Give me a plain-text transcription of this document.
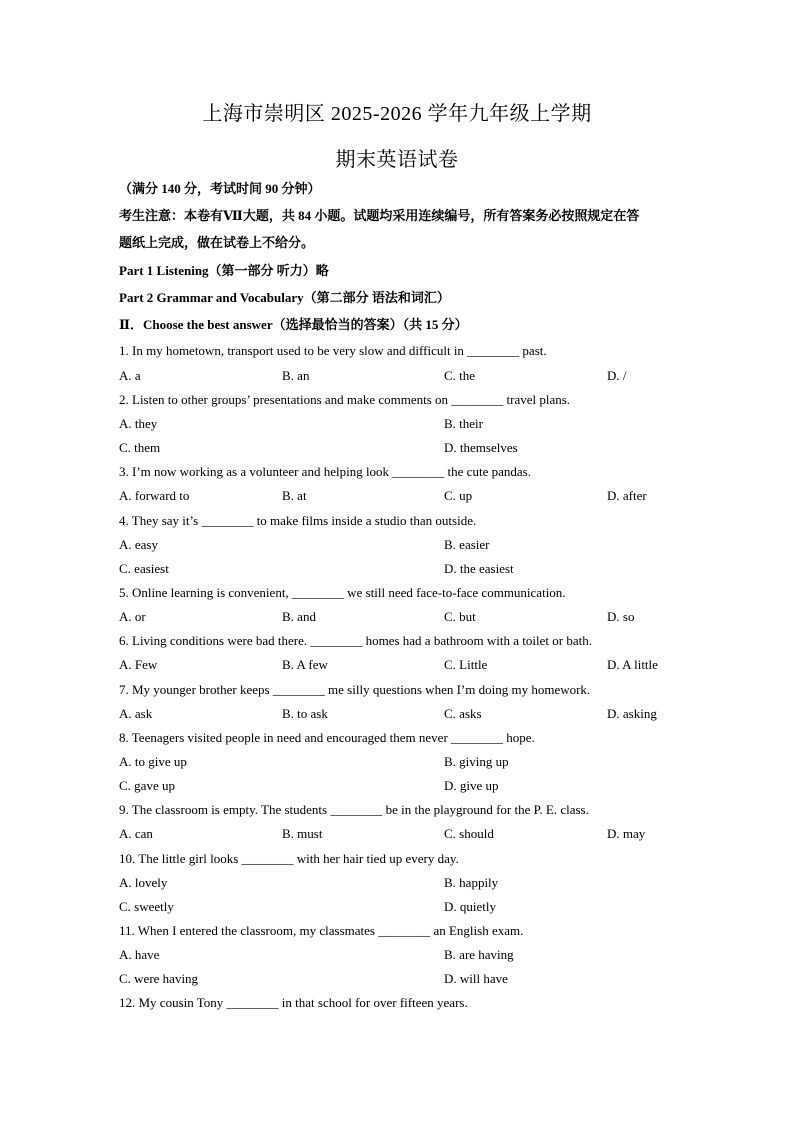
上海市崇明区 2025-2026 学年九年级上学期
期末英语试卷
（满分 140 分，考试时间 90 分钟）
考生注意：本卷有Ⅶ大题，共 84 小题。试题均采用连续编号，所有答案务必按照规定在答
题纸上完成，做在试卷上不给分。
Part 1 Listening（第一部分 听力）略
Part 2 Grammar and Vocabulary（第二部分 语法和词汇）
Ⅱ．Choose the best answer（选择最恰当的答案）（共 15 分）
1. In my hometown, transport used to be very slow and difficult in ________ past.
A. a	B. an	C. the	D. /
2. Listen to other groups’ presentations and make comments on ________ travel plans.
A. they	B. their
C. them	D. themselves
3. I’m now working as a volunteer and helping look ________ the cute pandas.
A. forward to	B. at	C. up	D. after
4. They say it’s ________ to make films inside a studio than outside.
A. easy	B. easier
C. easiest	D. the easiest
5. Online learning is convenient, ________ we still need face-to-face communication.
A. or	B. and	C. but	D. so
6. Living conditions were bad there. ________ homes had a bathroom with a toilet or bath.
A. Few	B. A few	C. Little	D. A little
7. My younger brother keeps ________ me silly questions when I’m doing my homework.
A. ask	B. to ask	C. asks	D. asking
8. Teenagers visited people in need and encouraged them never ________ hope.
A. to give up	B. giving up
C. gave up	D. give up
9. The classroom is empty. The students ________ be in the playground for the P. E. class.
A. can	B. must	C. should	D. may
10. The little girl looks ________ with her hair tied up every day.
A. lovely	B. happily
C. sweetly	D. quietly
11. When I entered the classroom, my classmates ________ an English exam.
A. have	B. are having
C. were having	D. will have
12. My cousin Tony ________ in that school for over fifteen years.
